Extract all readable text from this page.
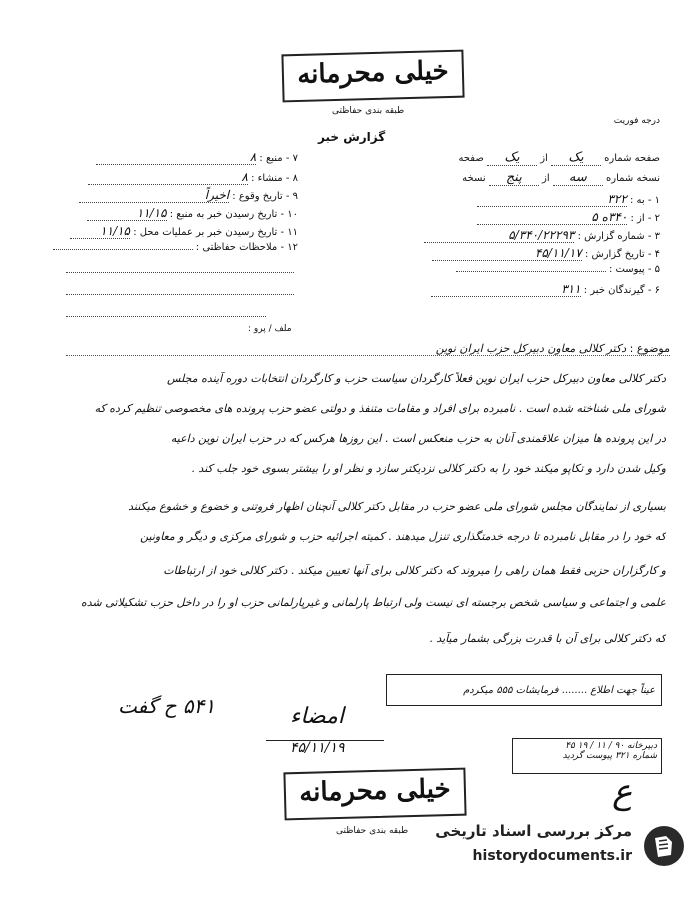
خیلی محرمانه
طبقه بندی حفاظتی
درجه فوریت
گزارش خبر
صفحه شماره یک از یک صفحه
نسخه شماره سه از پنج نسخه
۱ - به : ۳۲۲
۲ - از : ۳۴۰ه ۵
۳ - شماره گزارش : ۵/۳۴۰/۲۲۲۹۳
۴ - تاریخ گزارش : ۴۵/۱۱/۱۷
۵ - پیوست :
۶ - گیرندگان خبر : ۳۱۱
۷ - منبع : ۸
۸ - منشاء : ۸
۹ - تاریخ وقوع : اخیراً
۱۰ - تاریخ رسیدن خبر به منبع : ۱۱/۱۵
۱۱ - تاریخ رسیدن خبر بر عملیات محل : ۱۱/۱۵
۱۲ - ملاحظات حفاظتی :
ملف / پرو :
موضوع : دکتر کلالی معاون دبیرکل حزب ایران نوین
دکتر کلالی معاون دبیرکل حزب ایران نوین فعلاً کارگردان سیاست حزب و کارگردان انتخابات دوره آینده مجلس
شورای ملی شناخته شده است . نامبرده برای افراد و مقامات متنفذ و دولتی عضو حزب پرونده های مخصوصی تنظیم کرده که
در این پرونده ها میزان علاقمندی آنان به حزب منعکس است . این روزها هرکس که در حزب ایران نوین داعیه
وکیل شدن دارد و تکاپو میکند خود را به دکتر کلالی نزدیکتر سازد و نظر او را بیشتر بسوی خود جلب کند .
بسیاری از نمایندگان مجلس شورای ملی عضو حزب در مقابل دکتر کلالی آنچنان اظهار فروتنی و خضوع و خشوع میکنند
که خود را در مقابل نامبرده تا درجه خدمتگذاری تنزل میدهند . کمیته اجرائیه حزب و شورای مرکزی و دیگر و معاونین
و کارگزاران حزبی فقط همان راهی را میروند که دکتر کلالی برای آنها تعیین میکند . دکتر کلالی خود از ارتباطات
علمی و اجتماعی و سیاسی شخص برجسته ای نیست ولی ارتباط پارلمانی و غیرپارلمانی حزب او را در داخل حزب تشکیلاتی شده
که دکتر کلالی برای آن با قدرت بزرگی بشمار میآید .
عیناً جهت اطلاع ........ فرمایشات ۵۵۵ میکردم
۵۴۱ ح گفت	امضاء
۴۵/۱۱/۱۹	دبیرخانه ۹۰ / ۱۱ / ۱۹ ۴۵
شماره ۳۲۱ پیوست گردید
ع
خیلی محرمانه
طبقه بندی حفاظتی مرکز بررسی اسناد تاریخی
historydocuments.ir
